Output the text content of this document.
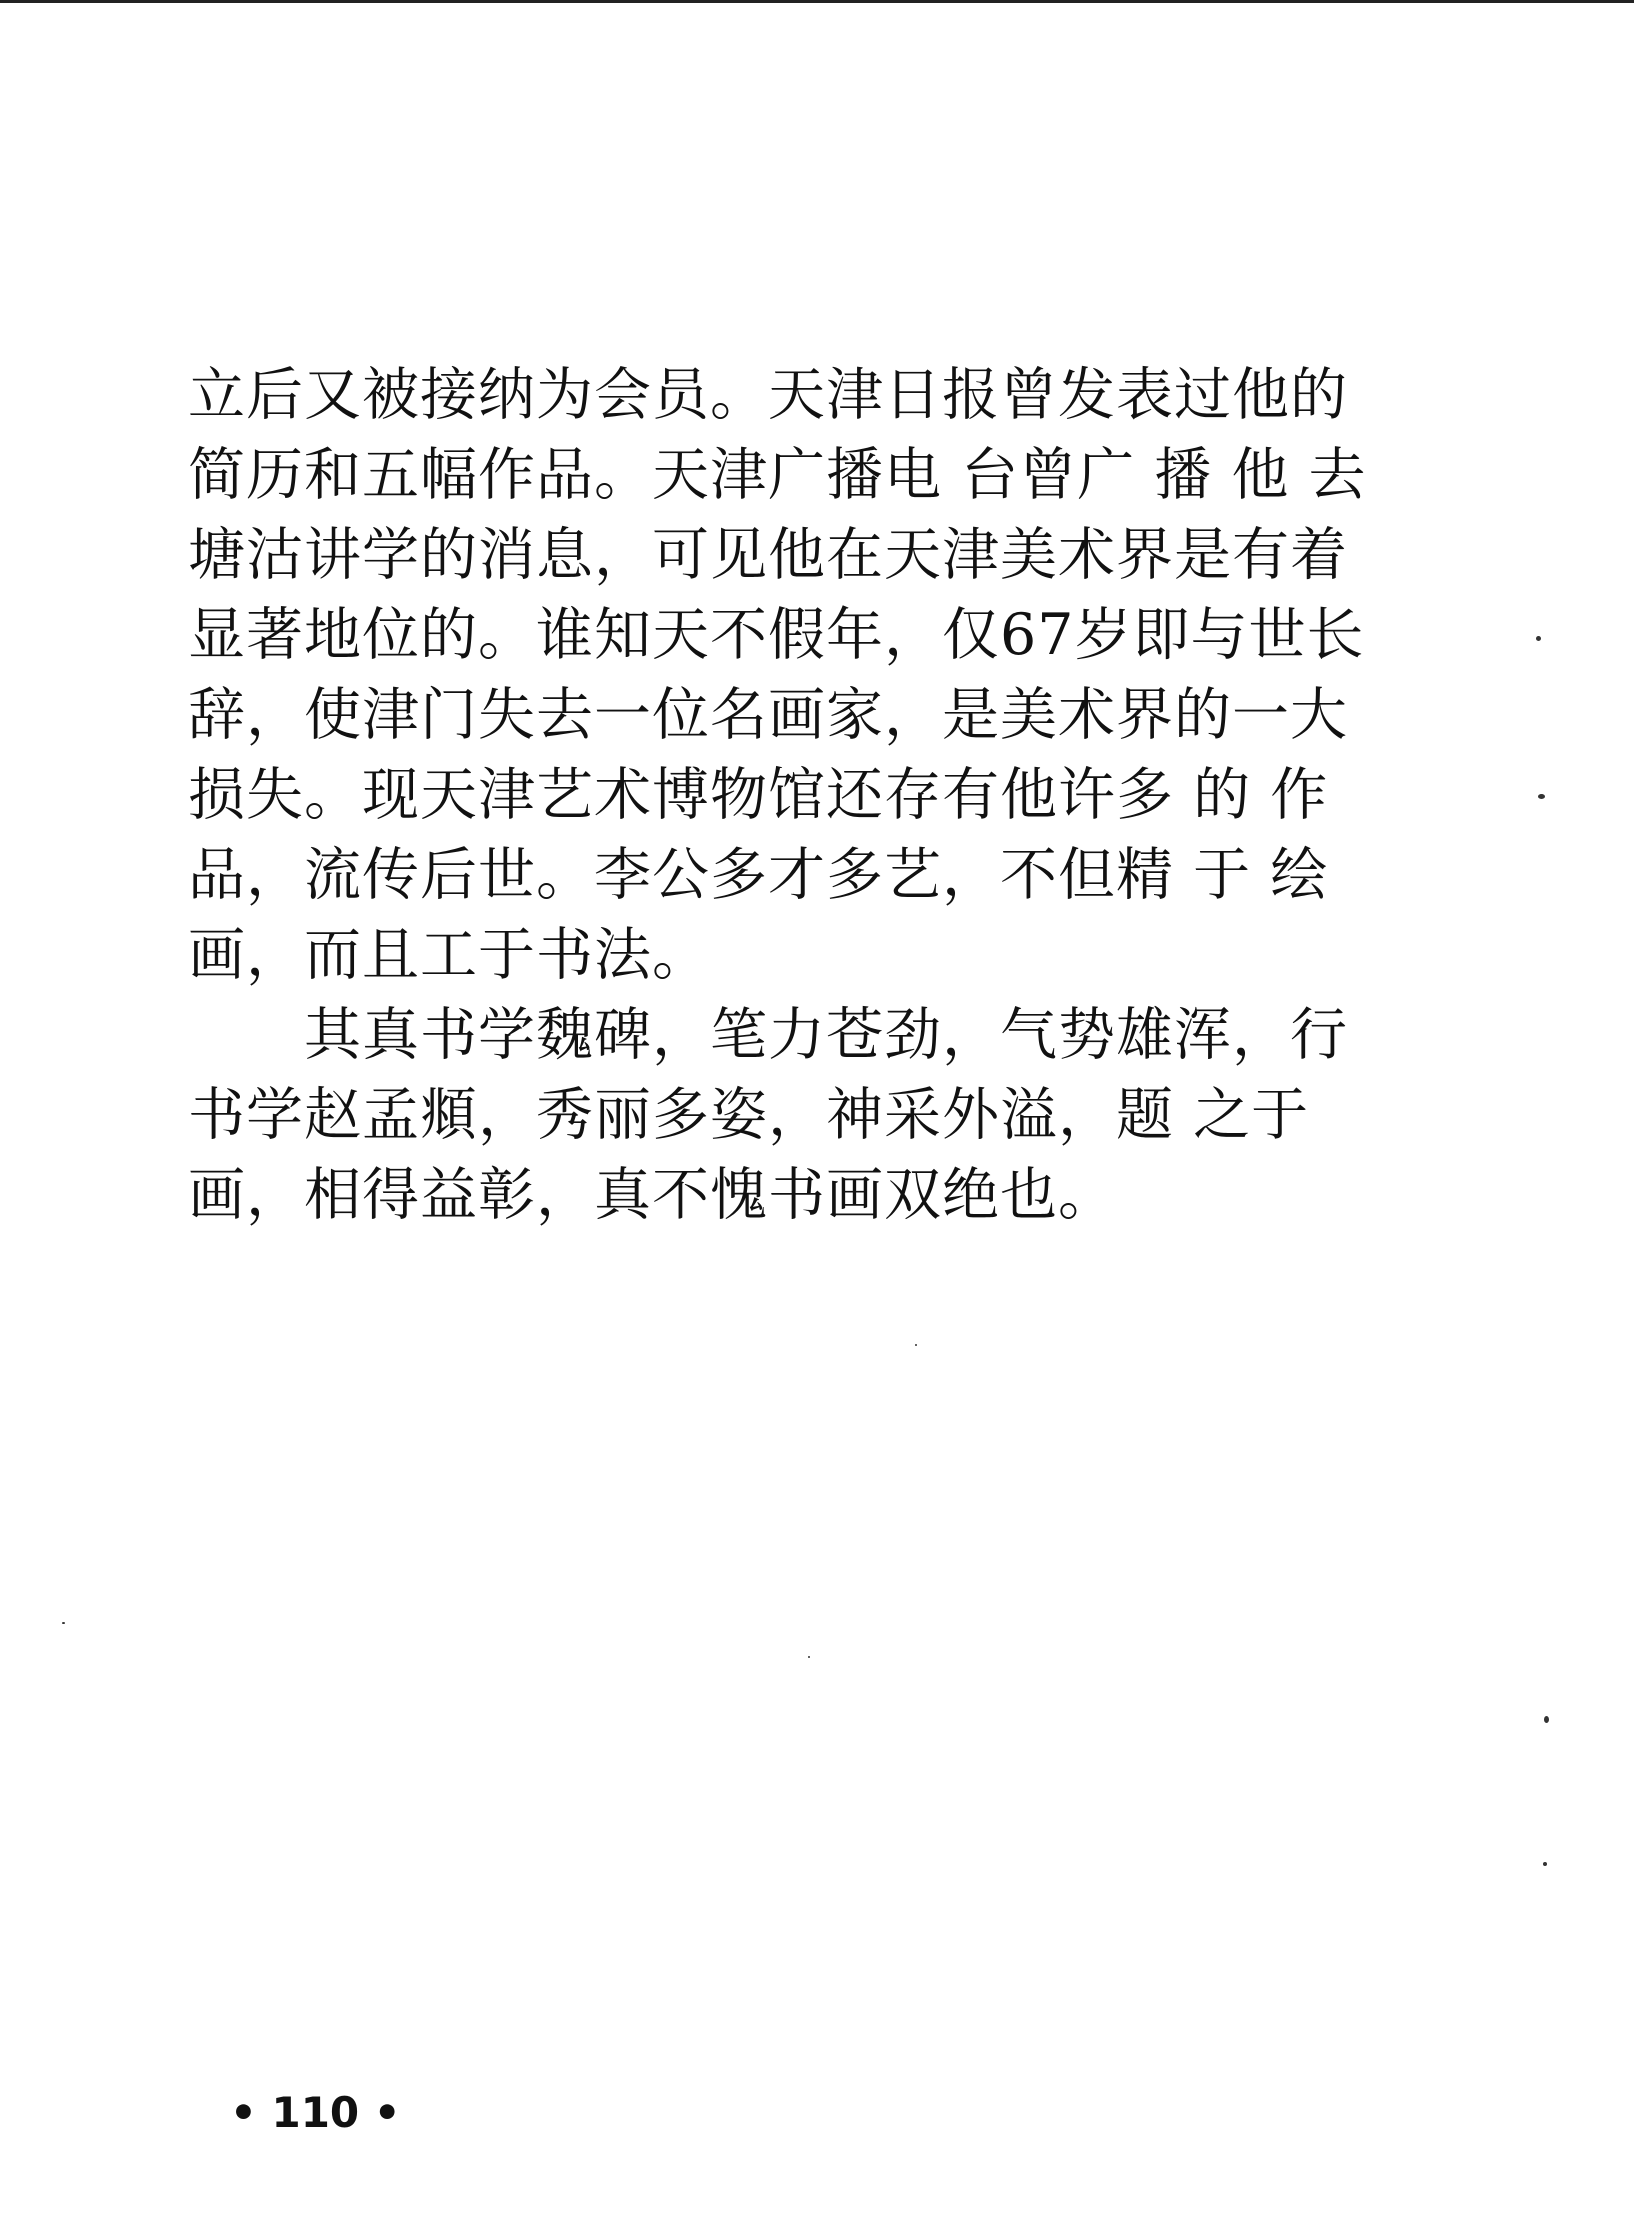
立后又被接纳为会员。天津日报曾发表过他的
简历和五幅作品。天津广播电 台曾广 播 他 去
塘沽讲学的消息，可见他在天津美术界是有着
显著地位的。谁知天不假年，仅67岁即与世长
辞，使津门失去一位名画家，是美术界的一大
损失。现天津艺术博物馆还存有他许多 的 作
品，流传后世。李公多才多艺，不但精 于 绘
画，而且工于书法。
　　其真书学魏碑，笔力苍劲，气势雄浑，行
书学赵孟頫，秀丽多姿，神采外溢，题 之于
画，相得益彰，真不愧书画双绝也。
• 110 •
